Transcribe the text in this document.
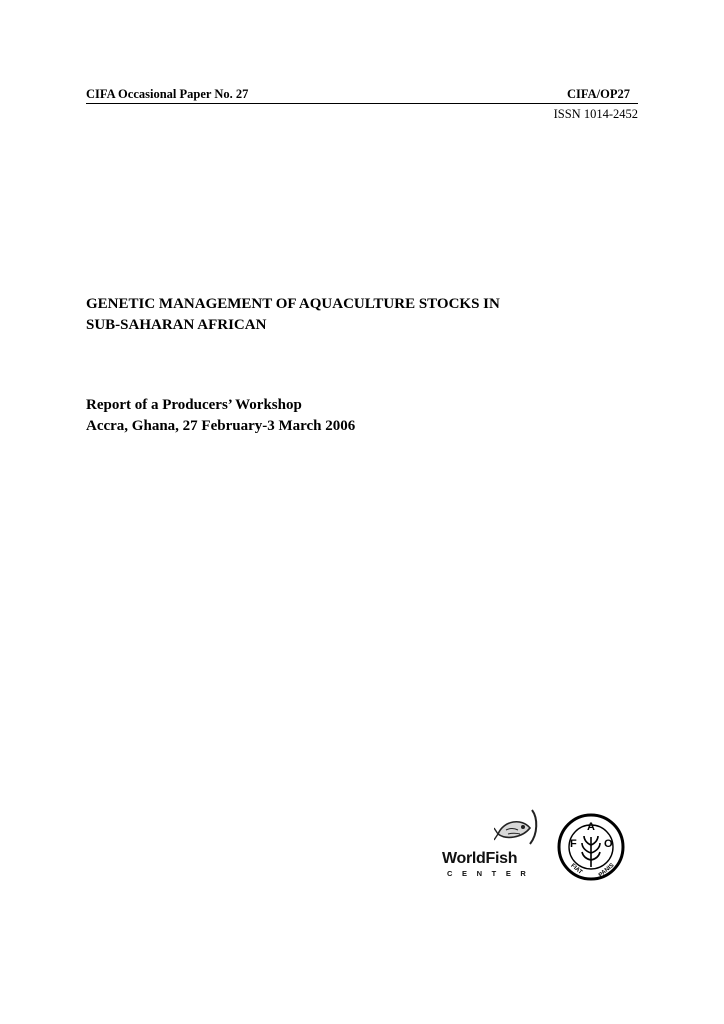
CIFA Occasional Paper No. 27	CIFA/OP27
ISSN 1014-2452
GENETIC MANAGEMENT OF AQUACULTURE STOCKS IN
SUB-SAHARAN AFRICAN
Report of a Producers’ Workshop
Accra, Ghana, 27 February-3 March 2006
WorldFish
CENTER
F
A
O
FIAT PANIS
